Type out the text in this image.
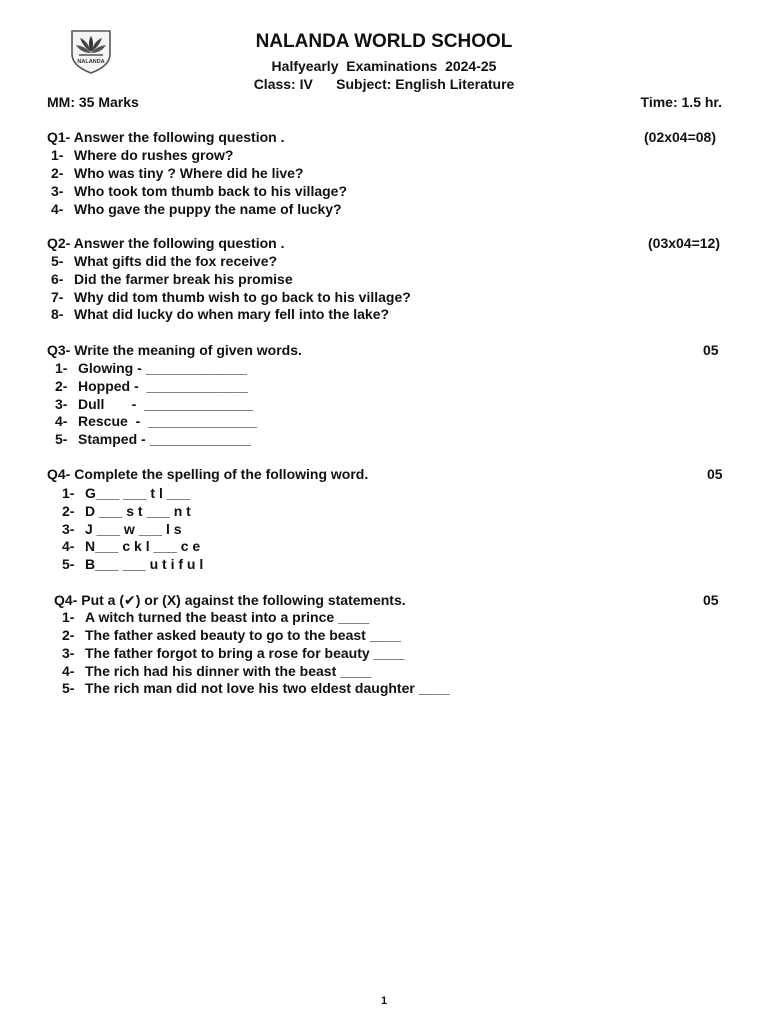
NALANDA
NALANDA WORLD SCHOOL
Halfyearly  Examinations  2024-25
Class: IV      Subject: English Literature
MM: 35 Marks	Time: 1.5 hr.
Q1- Answer the following question .	(02x04=08)
1- Where do rushes grow?
2- Who was tiny ? Where did he live?
3- Who took tom thumb back to his village?
4- Who gave the puppy the name of lucky?
Q2- Answer the following question .	(03x04=12)
5- What gifts did the fox receive?
6- Did the farmer break his promise
7- Why did tom thumb wish to go back to his village?
8- What did lucky do when mary fell into the lake?
Q3- Write the meaning of given words.	05
1- Glowing - _____________
2- Hopped -  _____________
3- Dull       -  ______________
4- Rescue  -  ______________
5- Stamped - _____________
Q4- Complete the spelling of the following word.	05
1- G___ ___ t l ___
2- D ___ s t ___ n t
3- J ___ w ___ l s
4- N___ c k l ___ c e
5- B___ ___ u t i f u l
Q4- Put a (✔) or (X) against the following statements.	05
1- A witch turned the beast into a prince ____
2- The father asked beauty to go to the beast ____
3- The father forgot to bring a rose for beauty ____
4- The rich had his dinner with the beast ____
5- The rich man did not love his two eldest daughter ____
1
